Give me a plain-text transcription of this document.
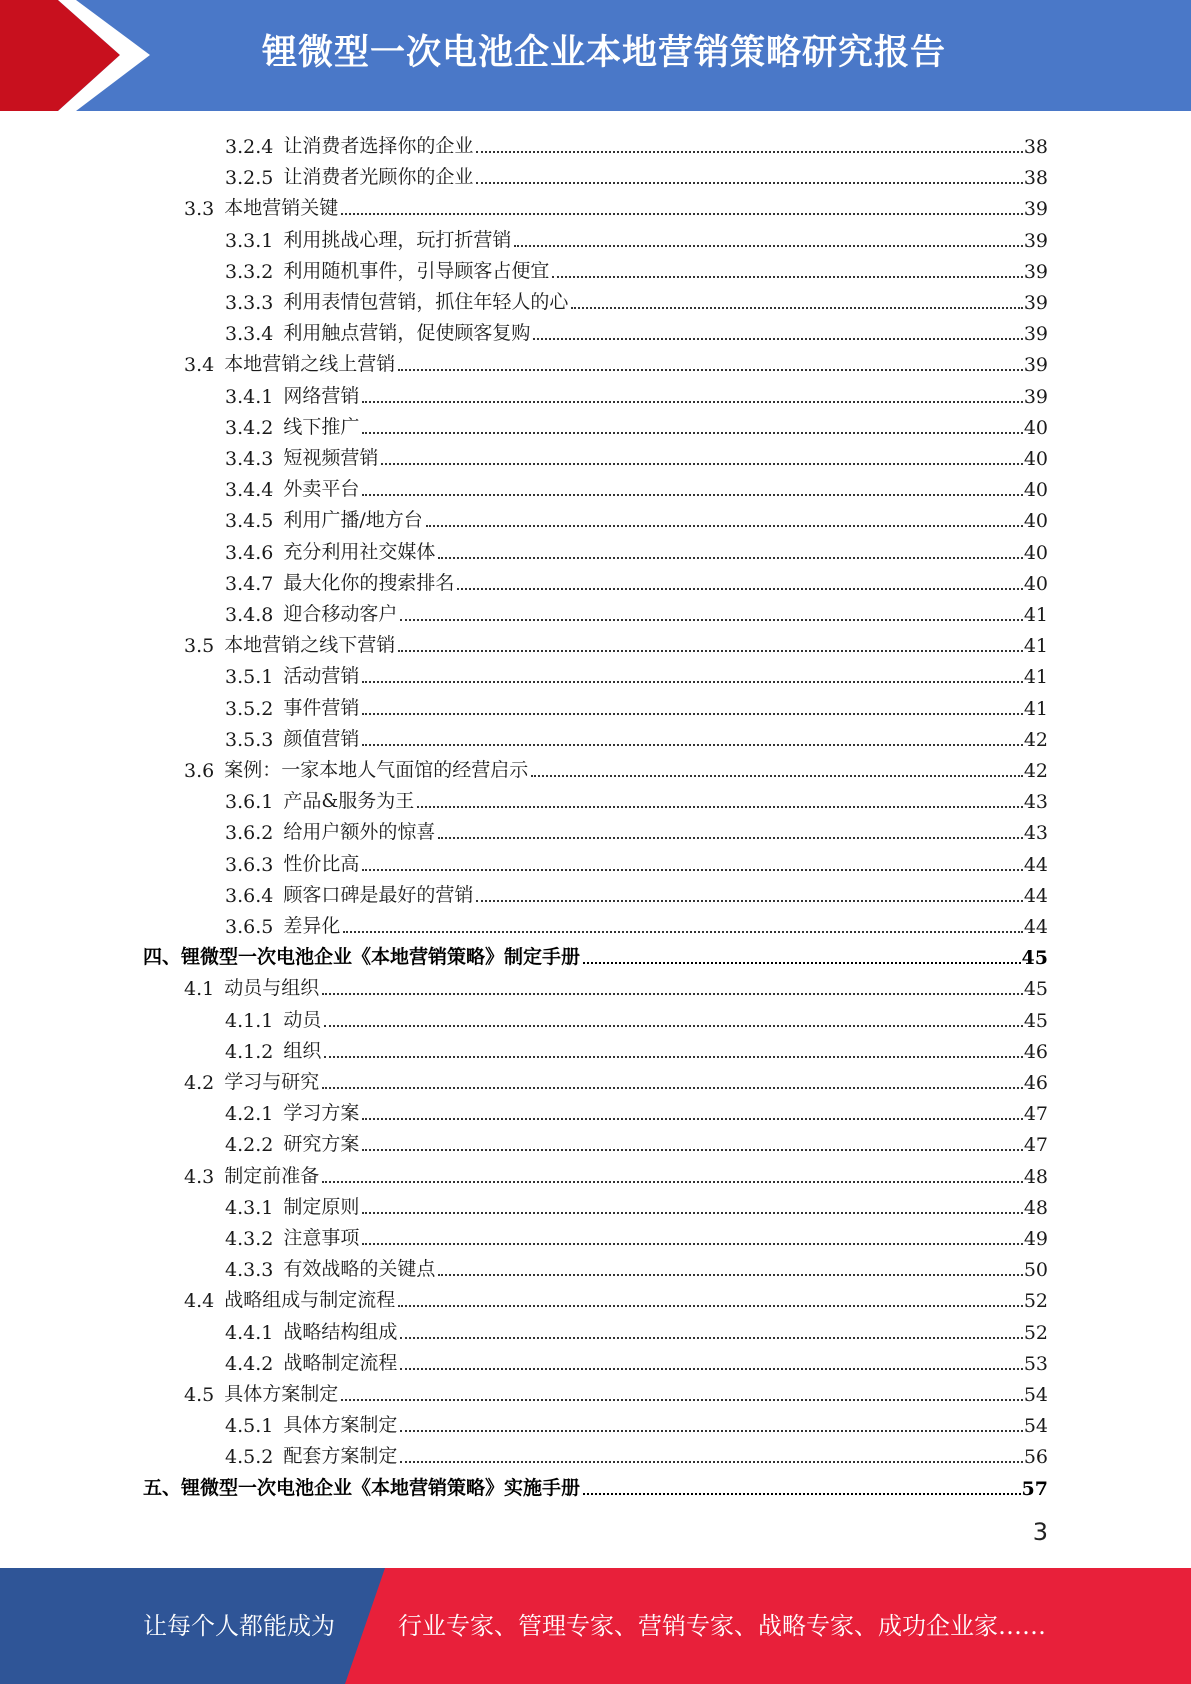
锂微型一次电池企业本地营销策略研究报告
3.2.4 让消费者选择你的企业	38
3.2.5 让消费者光顾你的企业	38
3.3 本地营销关键	39
3.3.1 利用挑战心理，玩打折营销	39
3.3.2 利用随机事件，引导顾客占便宜	39
3.3.3 利用表情包营销，抓住年轻人的心	39
3.3.4 利用触点营销，促使顾客复购	39
3.4 本地营销之线上营销	39
3.4.1 网络营销	39
3.4.2 线下推广	40
3.4.3 短视频营销	40
3.4.4 外卖平台	40
3.4.5 利用广播/地方台	40
3.4.6 充分利用社交媒体	40
3.4.7 最大化你的搜索排名	40
3.4.8 迎合移动客户	41
3.5 本地营销之线下营销	41
3.5.1 活动营销	41
3.5.2 事件营销	41
3.5.3 颜值营销	42
3.6 案例：一家本地人气面馆的经营启示	42
3.6.1 产品&服务为王	43
3.6.2 给用户额外的惊喜	43
3.6.3 性价比高	44
3.6.4 顾客口碑是最好的营销	44
3.6.5 差异化	44
四、锂微型一次电池企业《本地营销策略》制定手册	45
4.1 动员与组织	45
4.1.1 动员	45
4.1.2 组织	46
4.2 学习与研究	46
4.2.1 学习方案	47
4.2.2 研究方案	47
4.3 制定前准备	48
4.3.1 制定原则	48
4.3.2 注意事项	49
4.3.3 有效战略的关键点	50
4.4 战略组成与制定流程	52
4.4.1 战略结构组成	52
4.4.2 战略制定流程	53
4.5 具体方案制定	54
4.5.1 具体方案制定	54
4.5.2 配套方案制定	56
五、锂微型一次电池企业《本地营销策略》实施手册	57
3
让每个人都能成为	行业专家、管理专家、营销专家、战略专家、成功企业家……
